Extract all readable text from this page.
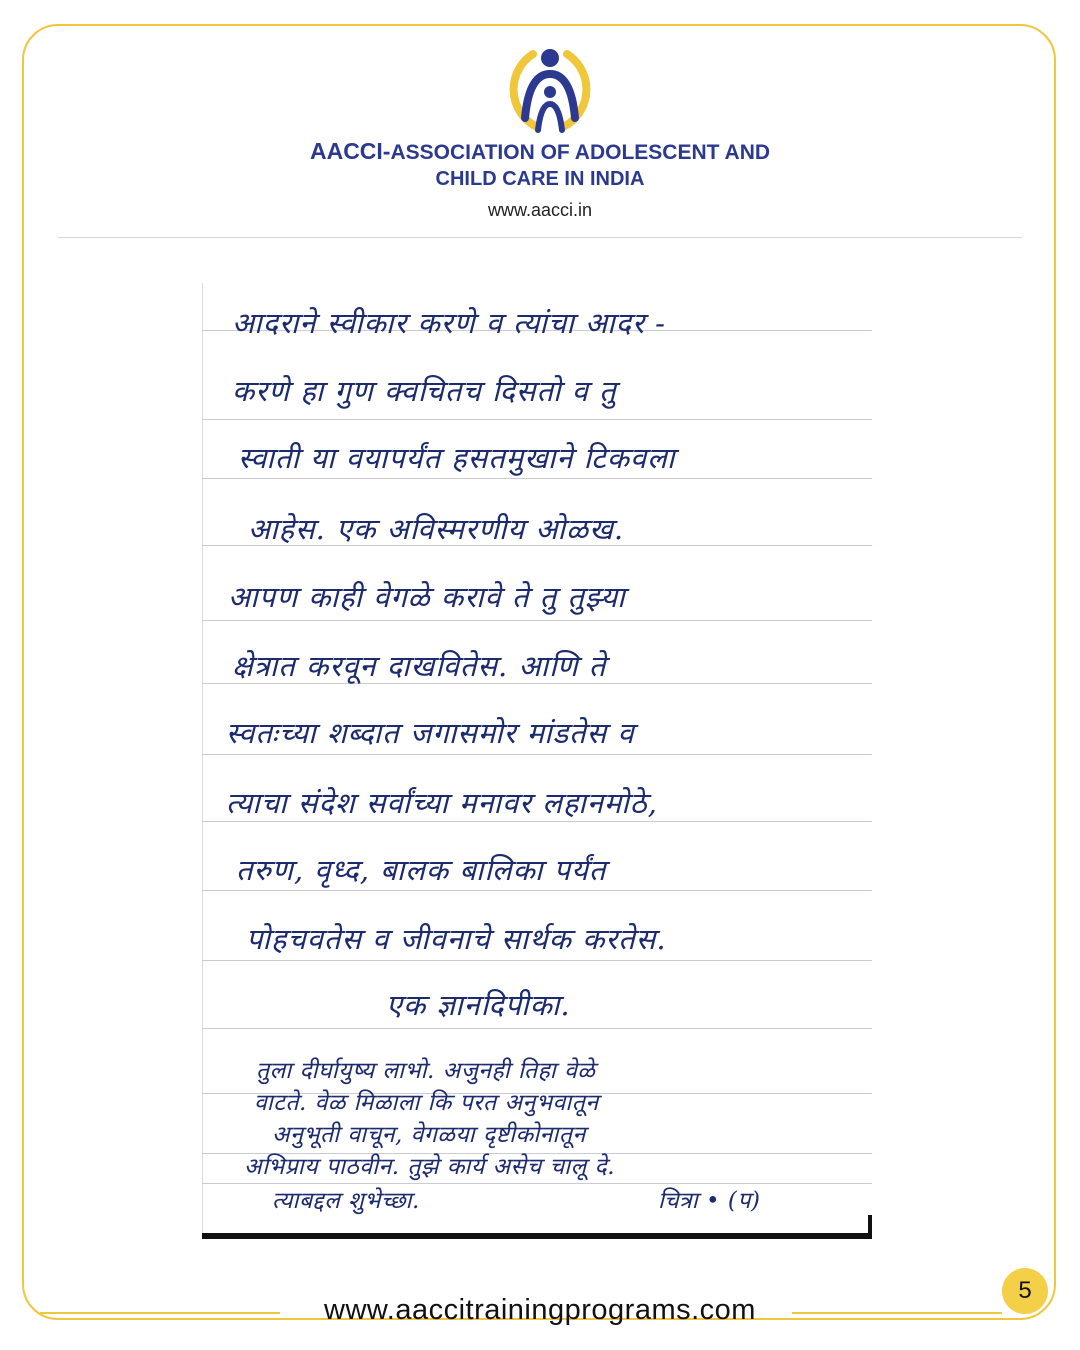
AACCI-ASSOCIATION OF ADOLESCENT AND
CHILD CARE IN INDIA
www.aacci.in
आदराने स्वीकार करणे व त्यांचा आदर -
करणे हा गुण क्वचितच दिसतो व तु
स्वाती या वयापर्यंत हसतमुखाने टिकवला
आहेस. एक अविस्मरणीय ओळख.
आपण काही वेगळे करावे ते तु तुझ्या
क्षेत्रात करवून दाखवितेस. आणि ते
स्वतःच्या शब्दात जगासमोर मांडतेस व
त्याचा संदेश सर्वांच्या मनावर लहानमोठे,
तरुण, वृध्द, बालक बालिका पर्यंत
पोहचवतेस व जीवनाचे सार्थक करतेस.
एक ज्ञानदिपीका.
तुला दीर्घायुष्य लाभो. अजुनही तिहा वेळे
वाटते. वेळ मिळाला कि परत अनुभवातून
अनुभूती वाचून, वेगळया दृष्टीकोनातून
अभिप्राय पाठवीन. तुझे कार्य असेच चालू दे.
त्याबद्दल शुभेच्छा.	चित्रा • (प)
www.aaccitrainingprograms.com
5
